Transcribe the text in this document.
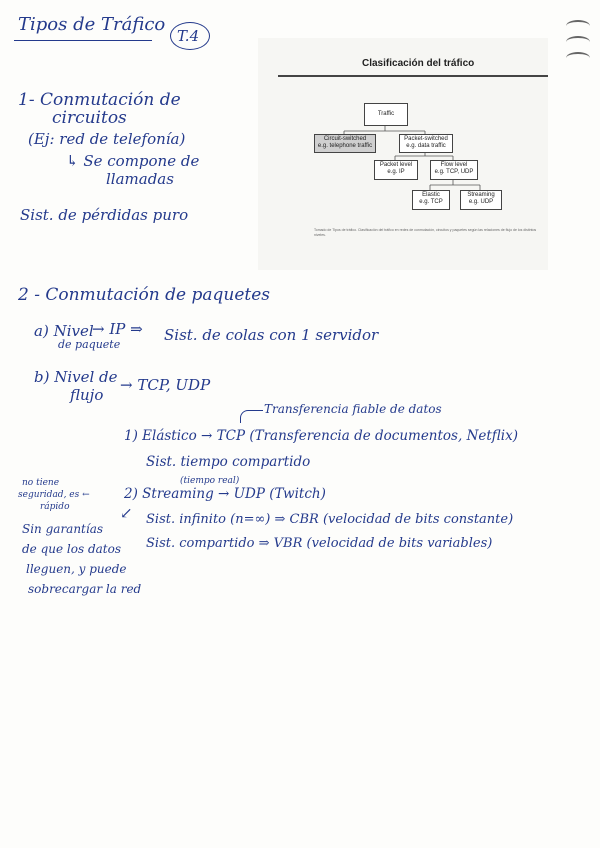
Tipos de Tráfico
T.4
Clasificación del tráfico
Traffic
Circuit-switched
e.g. telephone traffic
Packet-switched
e.g. data traffic
Packet level
e.g. IP
Flow level
e.g. TCP, UDP
Elastic
e.g. TCP
Streaming
e.g. UDP
Tomado de Tipos de tráfico. Clasificación del tráfico en redes de conmutación, circuitos y paquetes según las relaciones de flujo de los distintos niveles.
1- Conmutación de
circuitos
(Ej: red de telefonía)
↳ Se compone de
llamadas
Sist. de pérdidas puro
2 - Conmutación de paquetes
a) Nivel
→ IP ⇒
de paquete
Sist. de colas con 1 servidor
b) Nivel de
flujo
→ TCP, UDP
Transferencia fiable de datos
1) Elástico → TCP (Transferencia de documentos, Netflix)
Sist. tiempo compartido
(tiempo real)
2) Streaming → UDP (Twitch)
Sist. infinito (n=∞) ⇒ CBR (velocidad de bits constante)
Sist. compartido ⇒ VBR (velocidad de bits variables)
no tiene
seguridad, es ←
rápido	↙
Sin garantías
de que los datos
lleguen, y puede
sobrecargar la red
